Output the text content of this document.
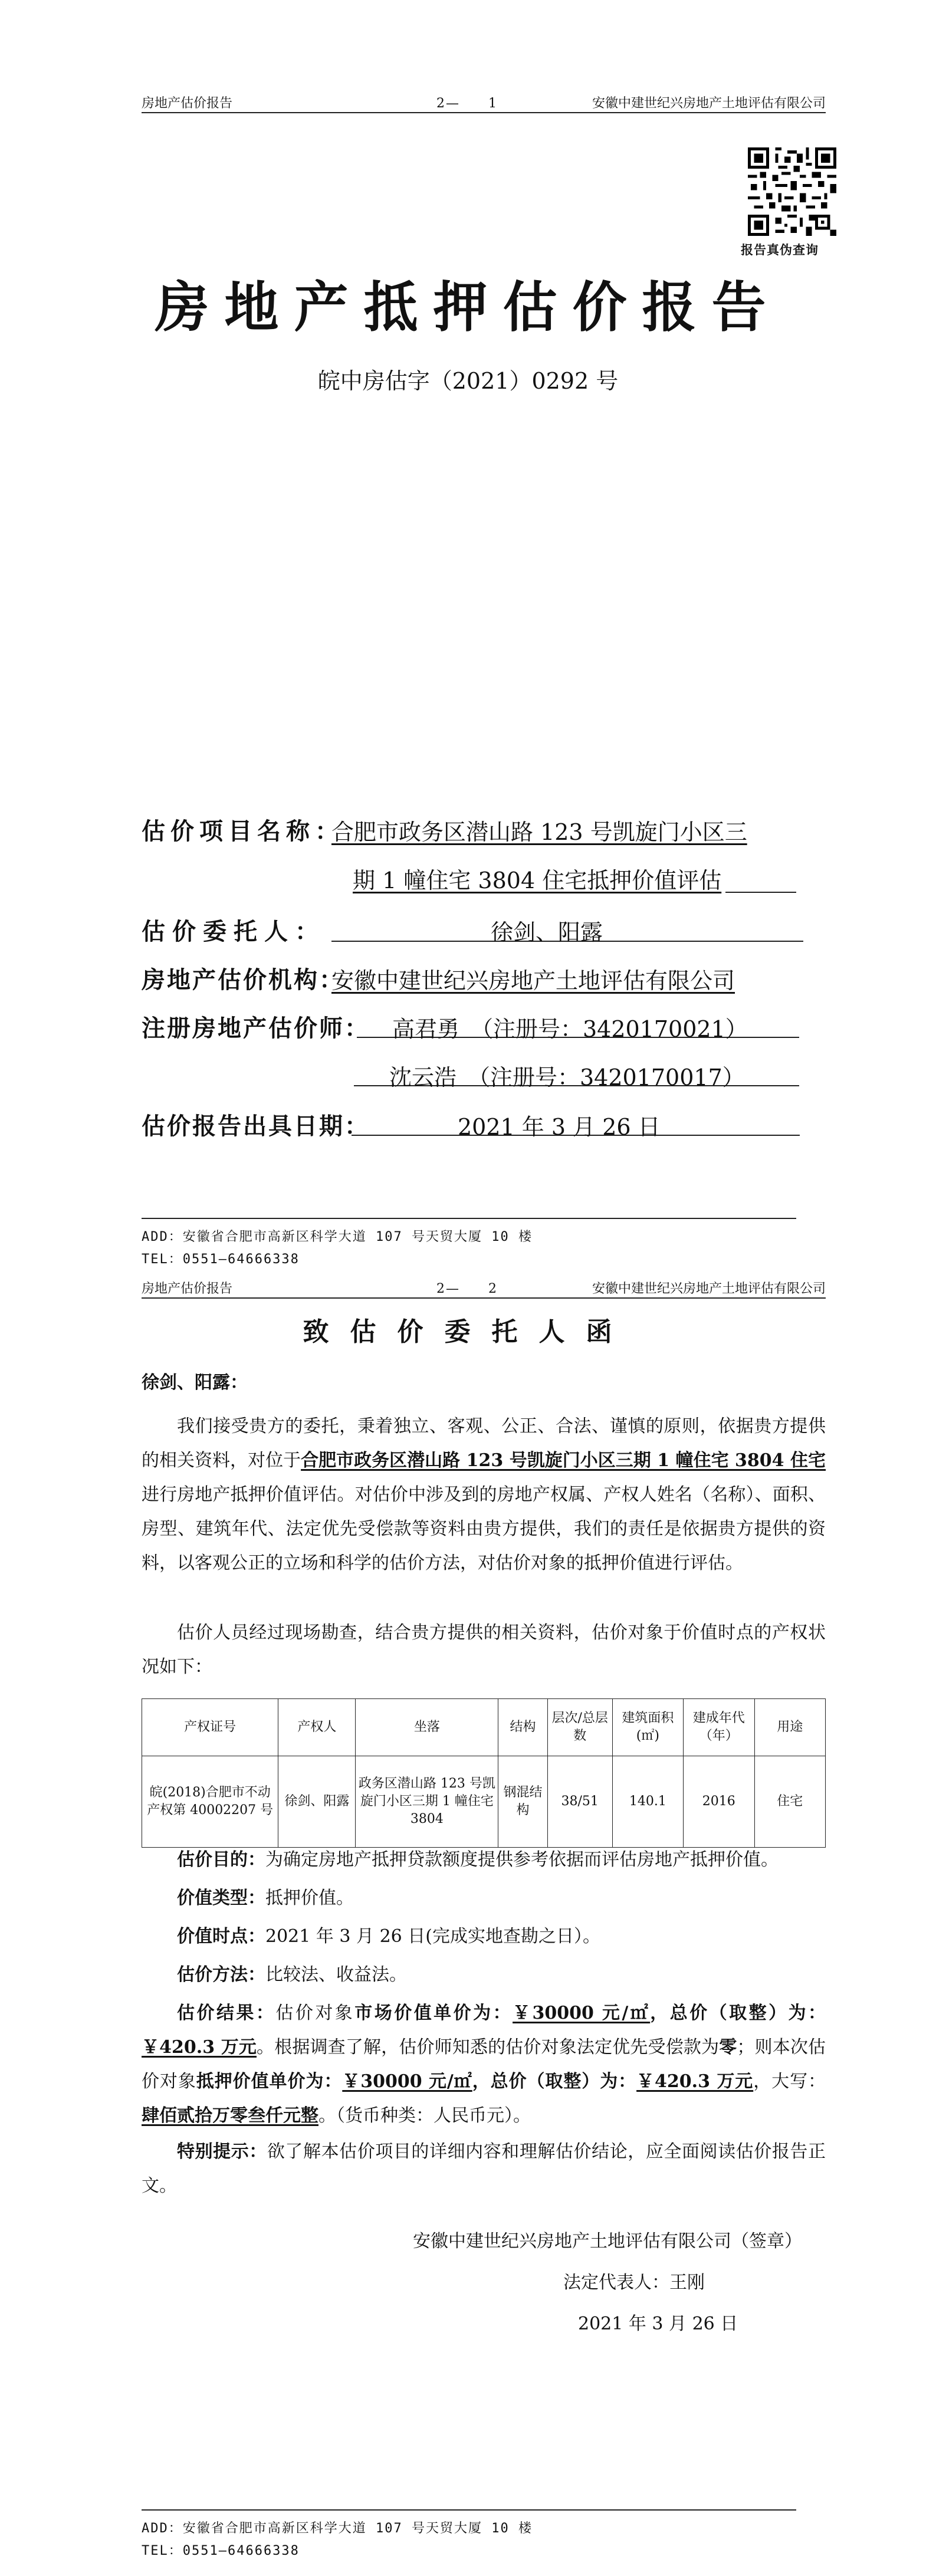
房地产估价报告	2—　　1	安徽中建世纪兴房地产土地评估有限公司
报告真伪查询
房地产抵押估价报告
皖中房估字（2021）0292 号
估价项目名称：
合肥市政务区潜山路 123 号凯旋门小区三
期 1 幢住宅 3804 住宅抵押价值评估
估价委托人：	徐剑、阳露
房地产估价机构：
安徽中建世纪兴房地产土地评估有限公司
注册房地产估价师： 高君勇　（注册号：3420170021）
沈云浩　（注册号：3420170017）
估价报告出具日期：	2021 年 3 月 26 日
ADD：安徽省合肥市高新区科学大道 107 号天贸大厦 10 楼
TEL：0551—64666338
房地产估价报告	2—　　2	安徽中建世纪兴房地产土地评估有限公司
致估价委托人函
徐剑、阳露：
我们接受贵方的委托，秉着独立、客观、公正、合法、谨慎的原则，依据贵方提供的相关资料，对位于合肥市政务区潜山路 123 号凯旋门小区三期 1 幢住宅 3804 住宅进行房地产抵押价值评估。对估价中涉及到的房地产权属、产权人姓名（名称）、面积、房型、建筑年代、法定优先受偿款等资料由贵方提供，我们的责任是依据贵方提供的资料，以客观公正的立场和科学的估价方法，对估价对象的抵押价值进行评估。
估价人员经过现场勘查，结合贵方提供的相关资料，估价对象于价值时点的产权状况如下：
产权证号	产权人	坐落	结构	层次/总层数	建筑面积(㎡)	建成年代（年）	用途
皖(2018)合肥市不动产权第 40002207 号	徐剑、阳露	政务区潜山路 123 号凯旋门小区三期 1 幢住宅 3804	钢混结构	38/51	140.1	2016	住宅
估价目的：为确定房地产抵押贷款额度提供参考依据而评估房地产抵押价值。
价值类型：抵押价值。
价值时点：2021 年 3 月 26 日(完成实地查勘之日）。
估价方法：比较法、收益法。
估价结果：估价对象市场价值单价为：￥30000 元/㎡，总价（取整）为：￥420.3 万元。根据调查了解，估价师知悉的估价对象法定优先受偿款为零；则本次估价对象抵押价值单价为：￥30000 元/㎡，总价（取整）为：￥420.3 万元，大写：肆佰贰拾万零叁仟元整。（货币种类：人民币元）。
特别提示：欲了解本估价项目的详细内容和理解估价结论，应全面阅读估价报告正文。
安徽中建世纪兴房地产土地评估有限公司（签章）
法定代表人：王刚
2021 年 3 月 26 日
ADD：安徽省合肥市高新区科学大道 107 号天贸大厦 10 楼
TEL：0551—64666338
